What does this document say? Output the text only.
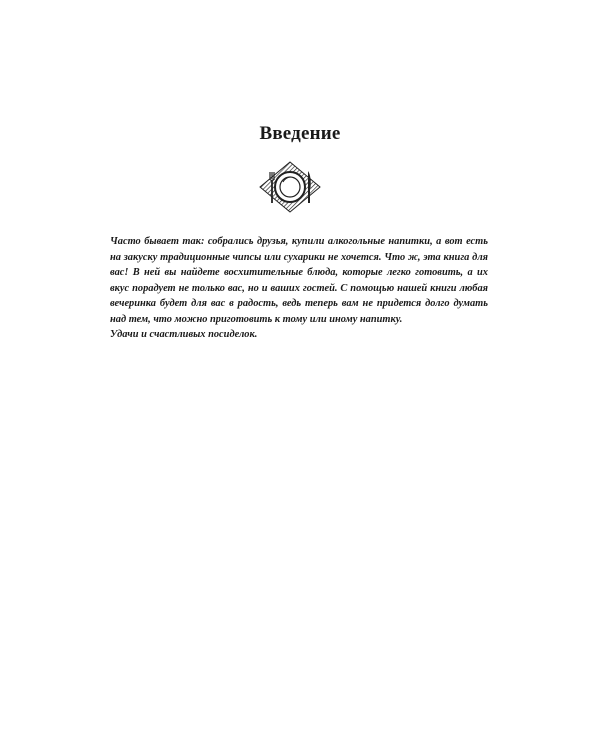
Введение

Часто бывает так: собрались друзья, купили алкогольные напитки, а вот есть на закуску традиционные чипсы или сухарики не хочется. Что ж, эта книга для вас! В ней вы найдете восхитительные блюда, которые легко готовить, а их вкус порадует не только вас, но и ваших гостей. С помощью нашей книги любая вечеринка будет для вас в радость, ведь теперь вам не придется долго думать над тем, что можно приготовить к тому или иному напитку.

Удачи и счастливых посиделок.
